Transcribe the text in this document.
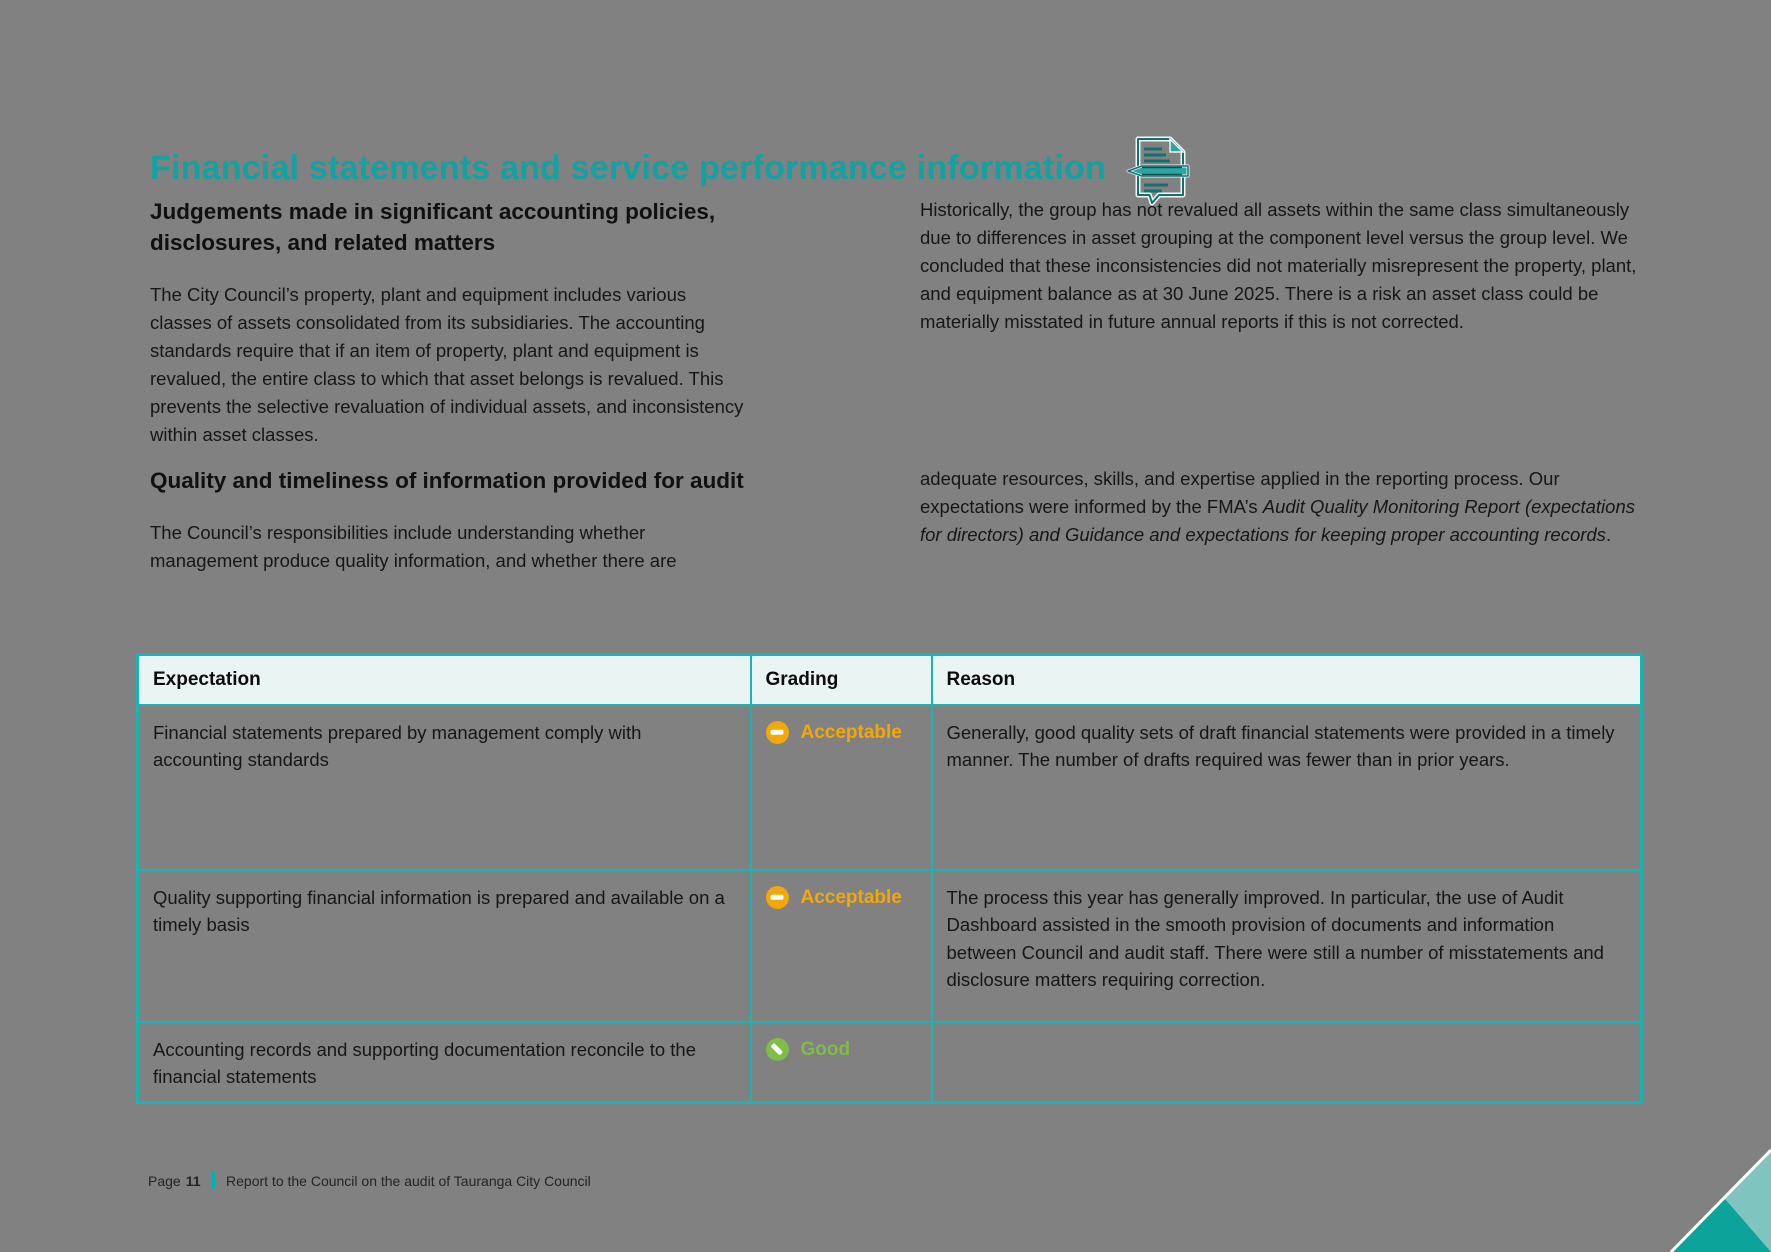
Financial statements and service performance information
Judgements made in significant accounting policies, disclosures, and related matters

The City Council’s property, plant and equipment includes various classes of assets consolidated from its subsidiaries. The accounting standards require that if an item of property, plant and equipment is revalued, the entire class to which that asset belongs is revalued. This prevents the selective revaluation of individual assets, and inconsistency within asset classes.

Historically, the group has not revalued all assets within the same class simultaneously due to differences in asset grouping at the component level versus the group level. We concluded that these inconsistencies did not materially misrepresent the property, plant, and equipment balance as at 30 June 2025. There is a risk an asset class could be materially misstated in future annual reports if this is not corrected.

Quality and timeliness of information provided for audit

The Council’s responsibilities include understanding whether management produce quality information, and whether there are

adequate resources, skills, and expertise applied in the reporting process. Our expectations were informed by the FMA’s Audit Quality Monitoring Report (expectations for directors) and Guidance and expectations for keeping proper accounting records.

Expectation	Grading	Reason
Financial statements prepared by management comply with accounting standards	Acceptable	Generally, good quality sets of draft financial statements were provided in a timely manner. The number of drafts required was fewer than in prior years.
Quality supporting financial information is prepared and available on a timely basis	Acceptable	The process this year has generally improved. In particular, the use of Audit Dashboard assisted in the smooth provision of documents and information between Council and audit staff. There were still a number of misstatements and disclosure matters requiring correction.
Accounting records and supporting documentation reconcile to the financial statements	Good	

Page 11 Report to the Council on the audit of Tauranga City Council
